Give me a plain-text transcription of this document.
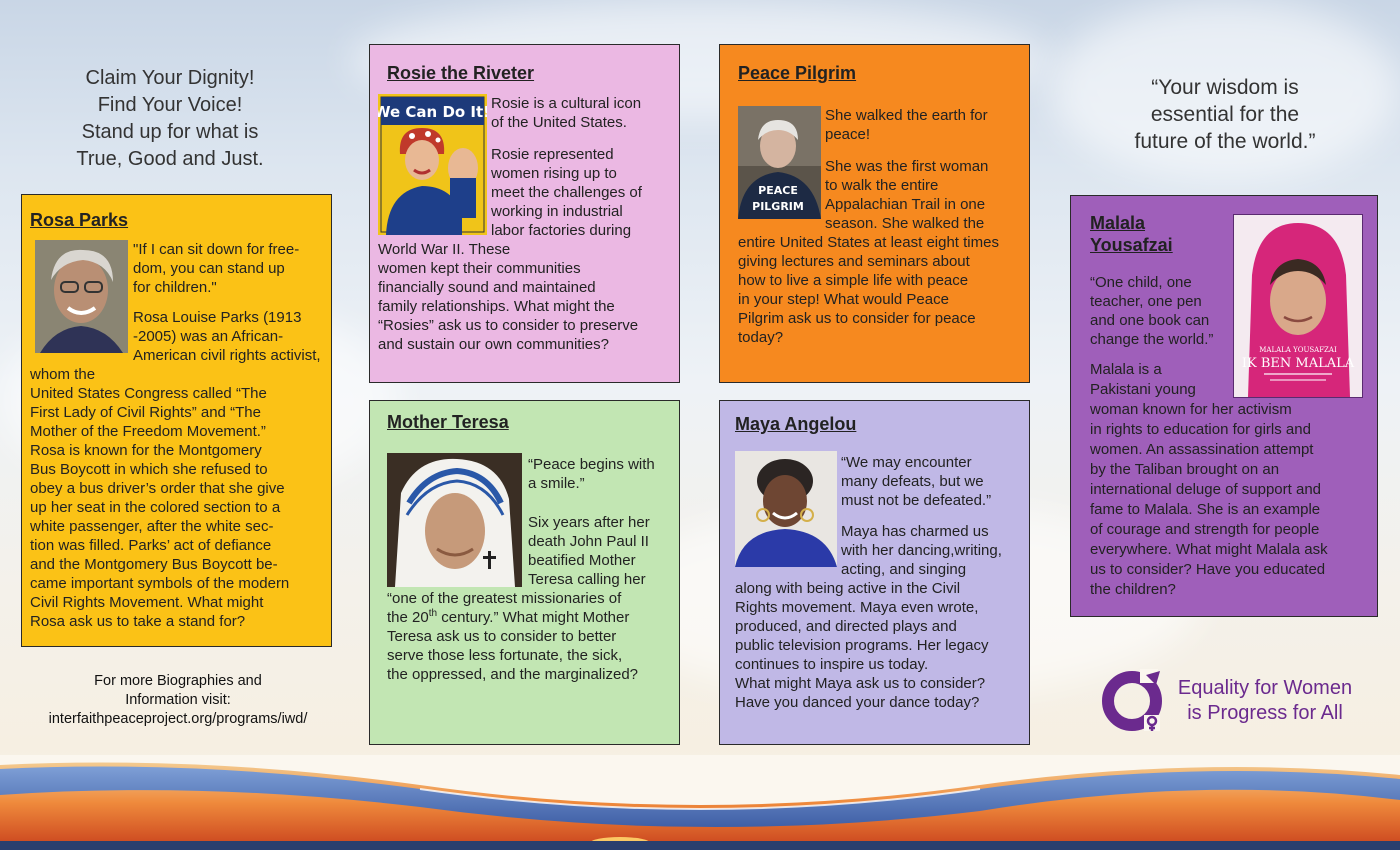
Claim Your Dignity!
Find Your Voice!
Stand up for what is
True, Good and Just.
Rosa Parks

"If I can sit down for free-
dom, you can stand up
for children."

Rosa Louise Parks (1913
-2005) was an African-
American civil rights activist, whom the
United States Congress called “The
First Lady of Civil Rights” and “The
Mother of the Freedom Movement.”
Rosa is known for the Montgomery
Bus Boycott in which she refused to
obey a bus driver’s order that she give
up her seat in the colored section to a
white passenger, after the white sec-
tion was filled. Parks’ act of defiance
and the Montgomery Bus Boycott be-
came important symbols of the modern
Civil Rights Movement. What might
Rosa ask us to take a stand for?

For more Biographies and
Information visit:
interfaithpeaceproject.org/programs/iwd/
Rosie the Riveter
We Can Do It! Rosie is a cultural icon
of the United States.

Rosie represented
women rising up to
meet the challenges of
working in industrial
labor factories during
World War II. These
women kept their communities
financially sound and maintained
family relationships. What might the
“Rosies” ask us to consider to preserve
and sustain our own communities?

Mother Teresa

“Peace begins with
a smile.”

Six years after her
death John Paul II
beatified Mother
Teresa calling her
“one of the greatest missionaries of
the 20th century.” What might Mother
Teresa ask us to consider to better
serve those less fortunate, the sick,
the oppressed, and the marginalized?

Peace Pilgrim
PEACE
PILGRIM

She walked the earth for
peace!

She was the first woman
to walk the entire
Appalachian Trail in one
season. She walked the
entire United States at least eight times
giving lectures and seminars about
how to live a simple life with peace
in your step! What would Peace
Pilgrim ask us to consider for peace
today?

Maya Angelou

“We may encounter
many defeats, but we
must not be defeated.”

Maya has charmed us
with her dancing,writing,
acting, and singing
along with being active in the Civil
Rights movement. Maya even wrote,
produced, and directed plays and
public television programs. Her legacy
continues to inspire us today.
What might Maya ask us to consider?
Have you danced your dance today?

“Your wisdom is
essential for the
future of the world.”
MALALA YOUSAFZAI
IK BEN MALALA
Malala
Yousafzai

“One child, one
teacher, one pen
and one book can
change the world.”

Malala is a
Pakistani young
woman known for her activism
in rights to education for girls and
women. An assassination attempt
by the Taliban brought on an
international deluge of support and
fame to Malala. She is an example
of courage and strength for people
everywhere. What might Malala ask
us to consider? Have you educated
the children?

Equality for Women
is Progress for All
